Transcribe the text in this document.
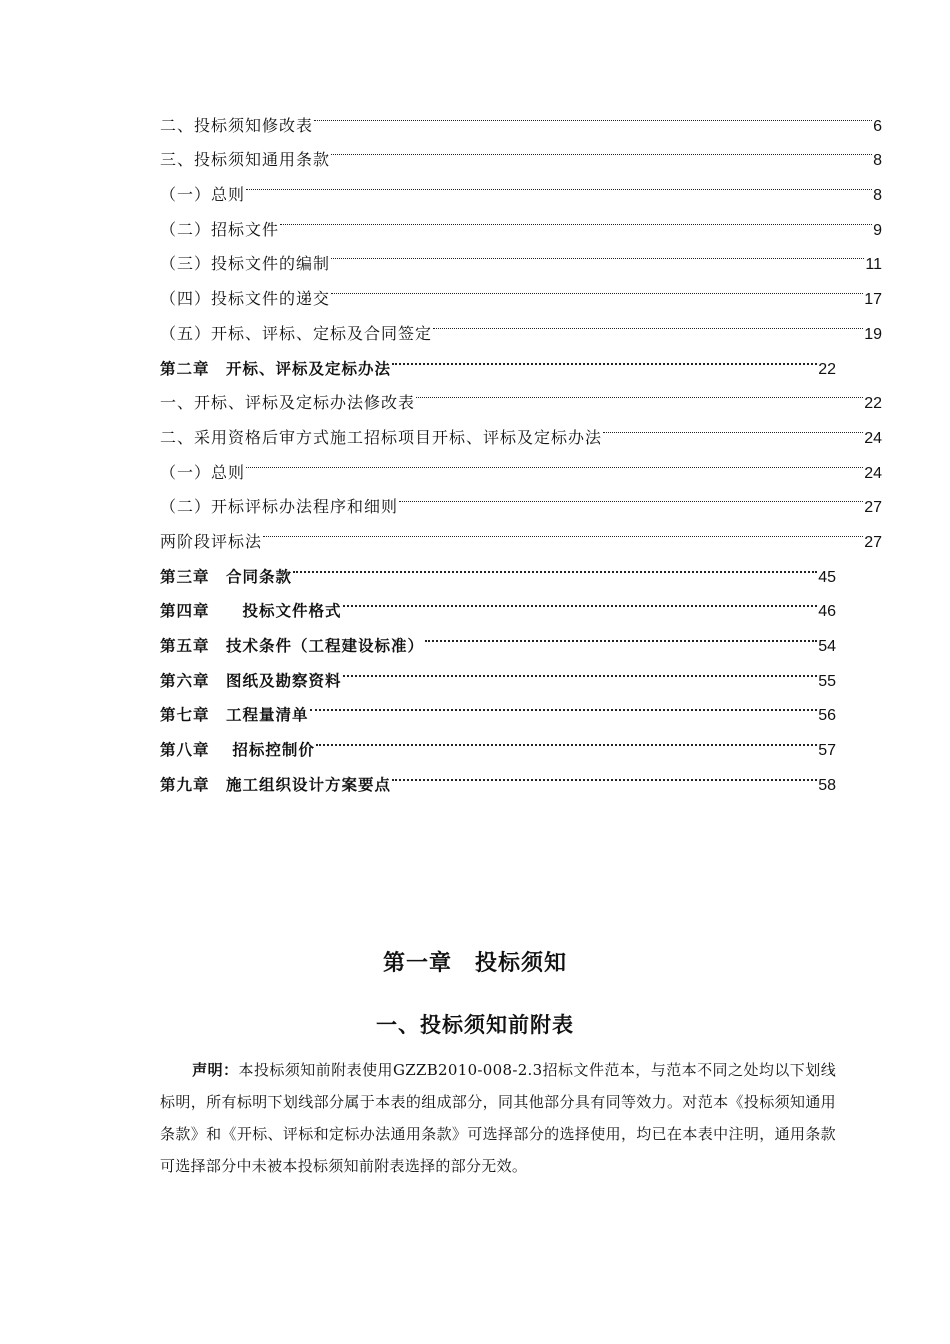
二、投标须知修改表	6
三、投标须知通用条款	8
（一）总则	8
（二）招标文件	9
（三）投标文件的编制	11
（四）投标文件的递交	17
（五）开标、评标、定标及合同签定	19
第二章　开标、评标及定标办法	22
一、开标、评标及定标办法修改表	22
二、采用资格后审方式施工招标项目开标、评标及定标办法	24
（一）总则	24
（二）开标评标办法程序和细则	27
两阶段评标法	27
第三章　合同条款	45
第四章　　投标文件格式	46
第五章　技术条件（工程建设标准）	54
第六章　图纸及勘察资料	55
第七章　工程量清单	56
第八章　 招标控制价	57
第九章　施工组织设计方案要点	58
第一章　投标须知
一、投标须知前附表
声明：本投标须知前附表使用GZZB2010-008-2.3招标文件范本，与范本不同之处均以下划线标明，所有标明下划线部分属于本表的组成部分，同其他部分具有同等效力。对范本《投标须知通用条款》和《开标、评标和定标办法通用条款》可选择部分的选择使用，均已在本表中注明，通用条款可选择部分中未被本投标须知前附表选择的部分无效。
